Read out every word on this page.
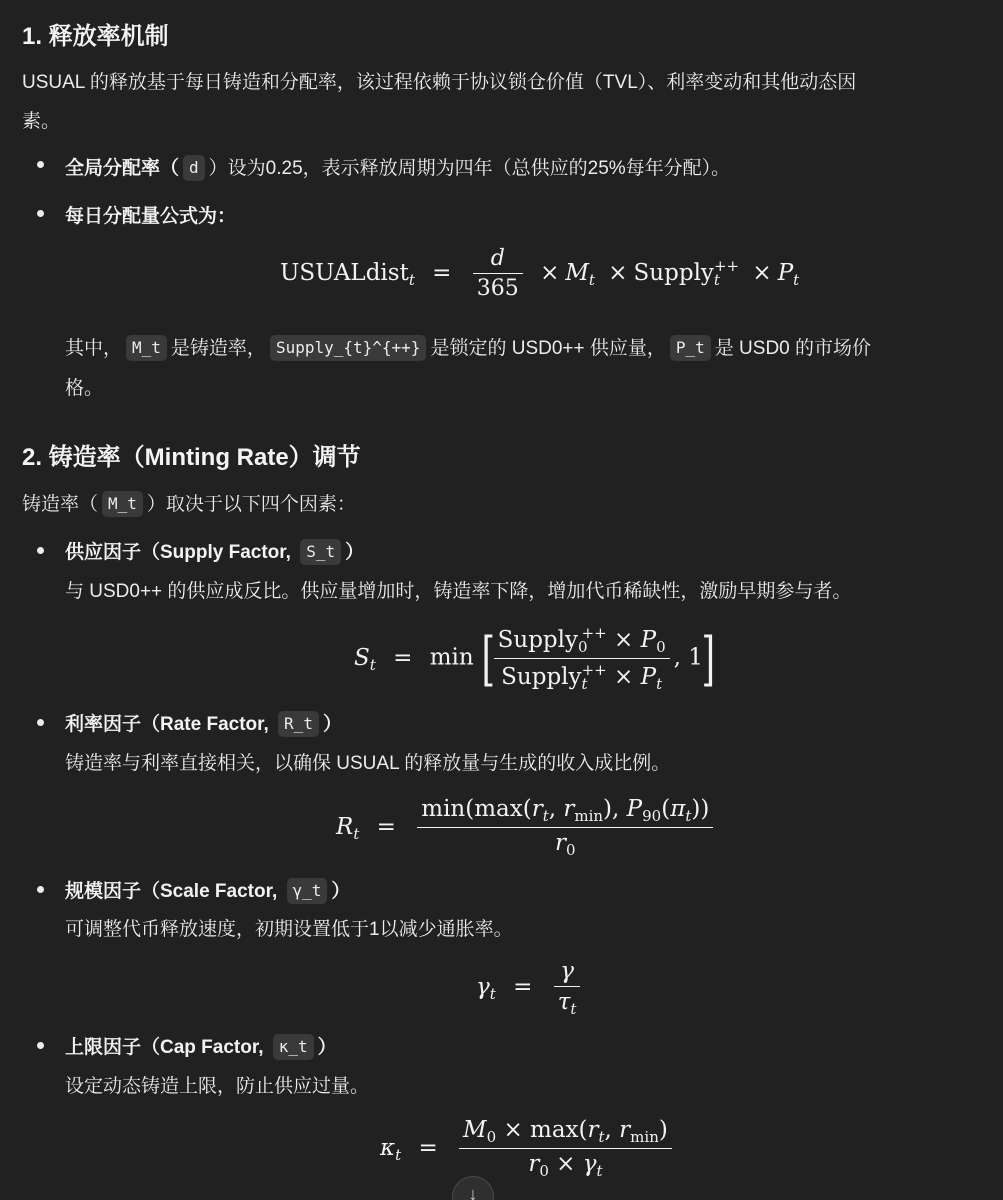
1. 释放率机制
USUAL 的释放基于每日铸造和分配率，该过程依赖于协议锁仓价值（TVL）、利率变动和其他动态因
素。
全局分配率（ d ）设为0.25，表示释放周期为四年（总供应的25%每年分配）。
每日分配量公式为：
USUALdist$_t$ = $\frac{d}{365} \times M_t$ × Supply$_t$++ × $P_t$
其中， M_t 是铸造率， Supply_{t}^{++} 是锁定的 USD0++ 供应量， P_t 是 USD0 的市场价
格。
2. 铸造率（Minting Rate）调节
铸造率（ M_t ）取决于以下四个因素：
供应因子（Supply Factor, S_t ）
与 USD0++ 的供应成反比。供应量增加时，铸造率下降，增加代币稀缺性，激励早期参与者。
$S_t = \min$ [
$\frac{Supply_0^{++} \times P_0}{Supply_t^{++} \times P_t}$ , 1]
利率因子（Rate Factor, R_t ）
铸造率与利率直接相关，以确保 USUAL 的释放量与生成的收入成比例。
$R_t = \frac{\min(\max(r_t, r_{min}), P_{90}(\pi_t))}{r_0}$
规模因子（Scale Factor, γ_t ）
可调整代币释放速度，初期设置低于1以减少通胀率。
$\gamma_t = \frac{\gamma}{\tau_t}$
上限因子（Cap Factor, κ_t ）
设定动态铸造上限，防止供应过量。
$\kappa_t = \frac{M_0 \times \max(r_t, r_{min})}{r_0 \times \gamma_t}$
↓
